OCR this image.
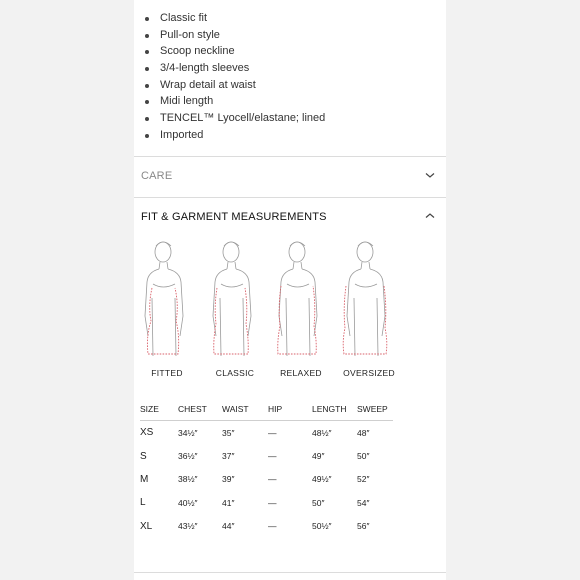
Classic fit
Pull-on style
Scoop neckline
3/4-length sleeves
Wrap detail at waist
Midi length
TENCEL™ Lyocell/elastane; lined
Imported
CARE
FIT & GARMENT MEASUREMENTS
FITTED	CLASSIC	RELAXED	OVERSIZED
SIZE	CHEST	WAIST	HIP	LENGTH	SWEEP
XS	34½″	35″	—	48½″	48″
S	36½″	37″	—	49″	50″
M	38½″	39″	—	49½″	52″
L	40½″	41″	—	50″	54″
XL	43½″	44″	—	50½″	56″
